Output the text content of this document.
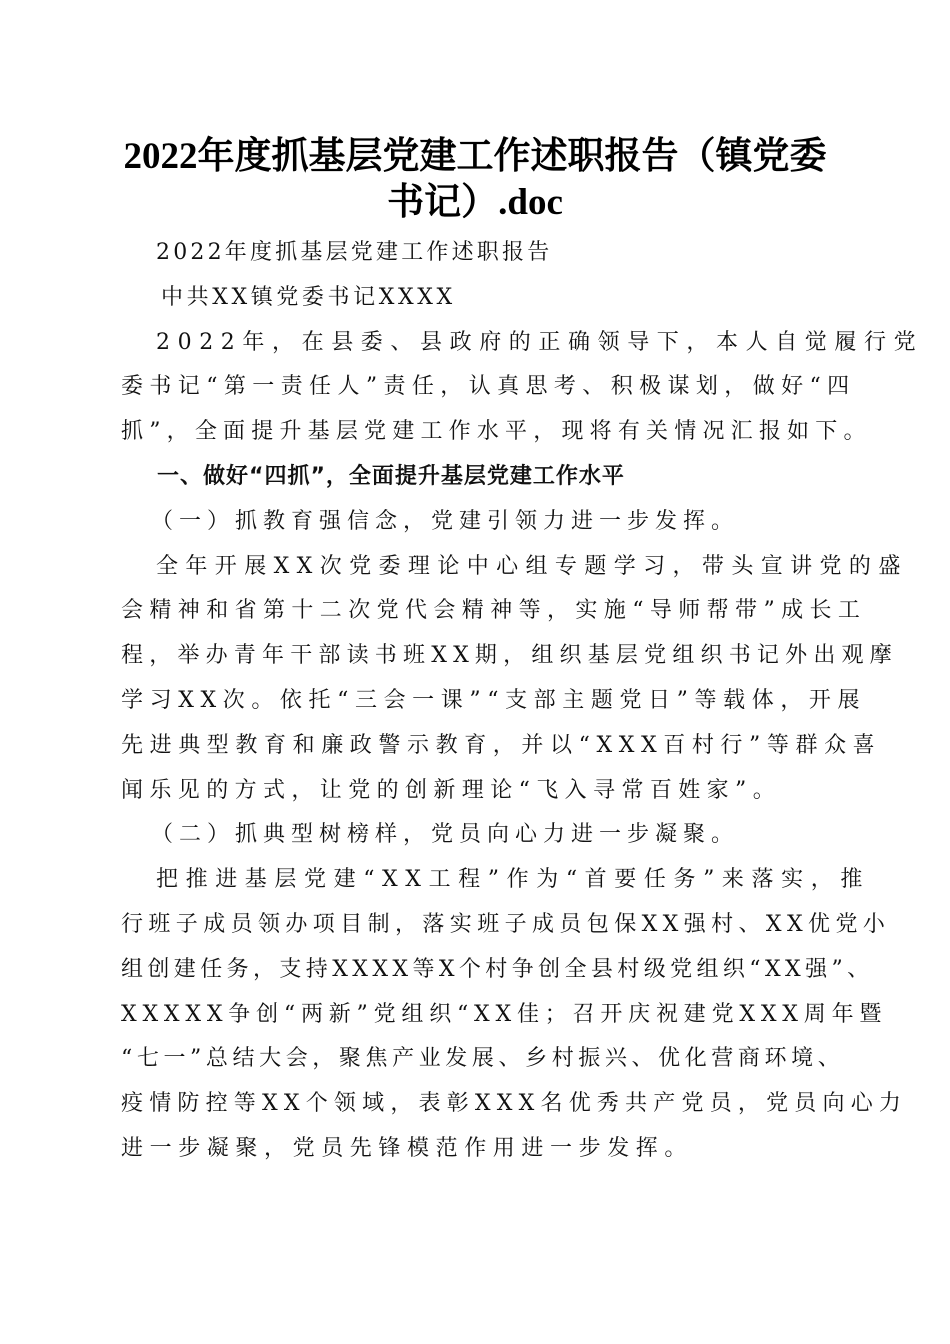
2022年度抓基层党建工作述职报告（镇党委
书记）.doc
2022年度抓基层党建工作述职报告
中共XX镇党委书记XXXX
2022年，在县委、县政府的正确领导下，本人自觉履行党
委书记“第一责任人”责任，认真思考、积极谋划，做好“四
抓”，全面提升基层党建工作水平，现将有关情况汇报如下。
一、做好“四抓”，全面提升基层党建工作水平
（一）抓教育强信念，党建引领力进一步发挥。
全年开展XX次党委理论中心组专题学习，带头宣讲党的盛
会精神和省第十二次党代会精神等，实施“导师帮带”成长工
程，举办青年干部读书班XX期，组织基层党组织书记外出观摩
学习XX次。依托“三会一课”“支部主题党日”等载体，开展
先进典型教育和廉政警示教育，并以“XXX百村行”等群众喜
闻乐见的方式，让党的创新理论“飞入寻常百姓家”。
（二）抓典型树榜样，党员向心力进一步凝聚。
把推进基层党建“XX工程”作为“首要任务”来落实，推
行班子成员领办项目制，落实班子成员包保XX强村、XX优党小
组创建任务，支持XXXX等X个村争创全县村级党组织“XX强”、
XXXXX争创“两新”党组织“XX佳；召开庆祝建党XXX周年暨
“七一”总结大会，聚焦产业发展、乡村振兴、优化营商环境、
疫情防控等XX个领域，表彰XXX名优秀共产党员，党员向心力
进一步凝聚，党员先锋模范作用进一步发挥。
